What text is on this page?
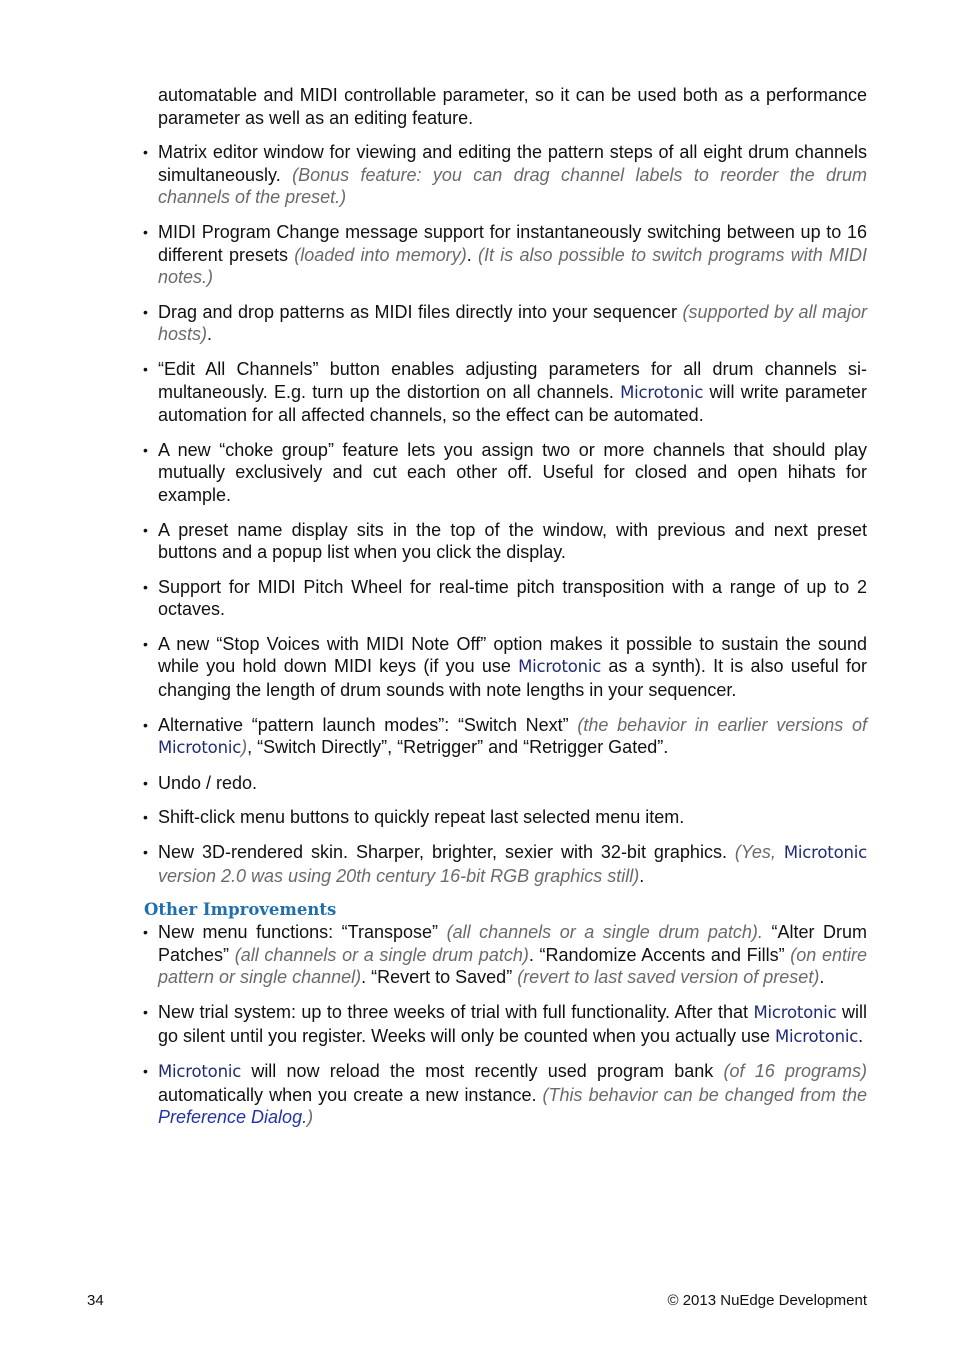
automatable and MIDI controllable parameter, so it can be used both as a performance parameter as well as an editing feature.
• Matrix editor window for viewing and editing the pattern steps of all eight drum channels simultaneously. (Bonus feature: you can drag channel labels to reorder the drum channels of the preset.)
• MIDI Program Change message support for instantaneously switching between up to 16 different presets (loaded into memory). (It is also possible to switch programs with MIDI notes.)
• Drag and drop patterns as MIDI files directly into your sequencer (supported by all major hosts).
• “Edit All Channels” button enables adjusting parameters for all drum channels simultaneously. E.g. turn up the distortion on all channels. Microtonic will write parameter automation for all affected channels, so the effect can be automated.
• A new “choke group” feature lets you assign two or more channels that should play mutually exclusively and cut each other off. Useful for closed and open hihats for example.
• A preset name display sits in the top of the window, with previous and next preset buttons and a popup list when you click the display.
• Support for MIDI Pitch Wheel for real-time pitch transposition with a range of up to 2 octaves.
• A new “Stop Voices with MIDI Note Off” option makes it possible to sustain the sound while you hold down MIDI keys (if you use Microtonic as a synth). It is also useful for changing the length of drum sounds with note lengths in your sequencer.
• Alternative “pattern launch modes”: “Switch Next” (the behavior in earlier versions of Microtonic), “Switch Directly”, “Retrigger” and “Retrigger Gated”.
• Undo / redo.
• Shift-click menu buttons to quickly repeat last selected menu item.
• New 3D-rendered skin. Sharper, brighter, sexier with 32-bit graphics. (Yes, Microtonic version 2.0 was using 20th century 16-bit RGB graphics still).
Other Improvements
• New menu functions: “Transpose” (all channels or a single drum patch). “Alter Drum Patches” (all channels or a single drum patch). “Randomize Accents and Fills” (on entire pattern or single channel). “Revert to Saved” (revert to last saved version of preset).
• New trial system: up to three weeks of trial with full functionality. After that Microtonic will go silent until you register. Weeks will only be counted when you actually use Microtonic.
• Microtonic will now reload the most recently used program bank (of 16 programs) automatically when you create a new instance. (This behavior can be changed from the Preference Dialog.)
34	© 2013 NuEdge Development
